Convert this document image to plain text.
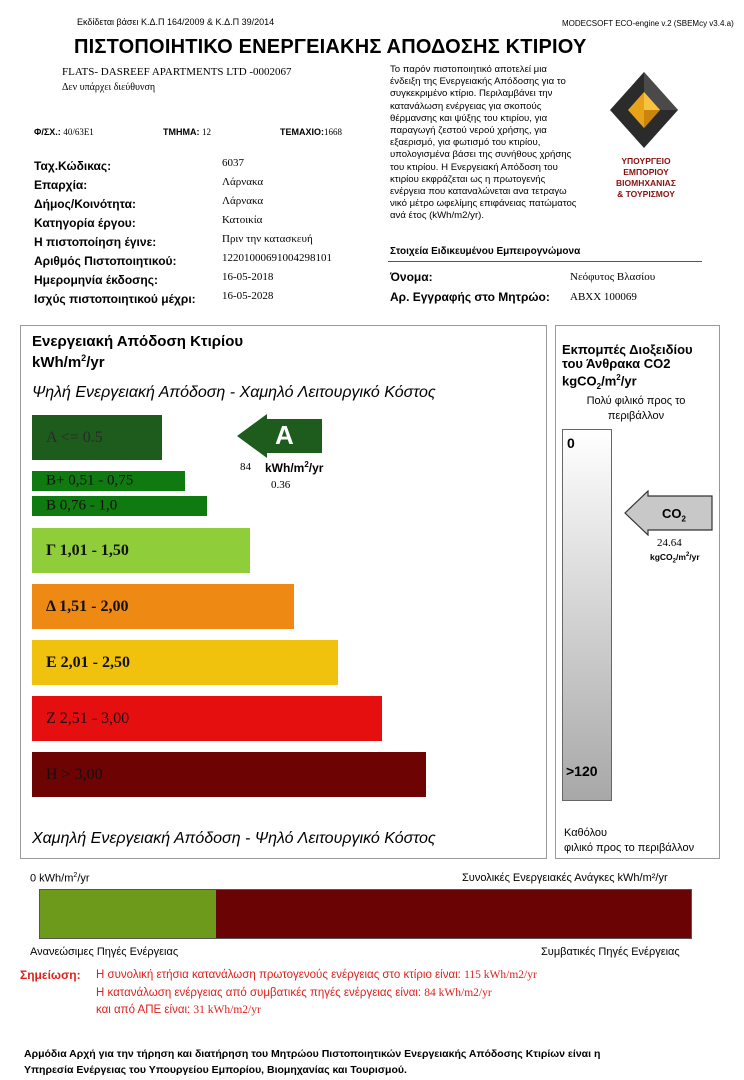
Εκδίδεται βάσει Κ.Δ.Π 164/2009 & Κ.Δ.Π 39/2014	MODECSOFT ECO-engine v.2 (SBEMcy v3.4.a)
ΠΙΣΤΟΠΟΙΗΤΙΚΟ ΕΝΕΡΓΕΙΑΚΗΣ ΑΠΟΔΟΣΗΣ ΚΤΙΡΙΟΥ
FLATS- DASREEF APARTMENTS LTD -0002067
Δεν υπάρχει διεύθυνση
Φ/ΣΧ.: 40/63Ε1	ΤΜΗΜΑ: 12	ΤΕΜΑΧΙΟ:1668
Ταχ.Κώδικας:	6037
Επαρχία:	Λάρνακα
Δήμος/Κοινότητα:	Λάρνακα
Κατηγορία έργου:	Κατοικία
Η πιστοποίηση έγινε:	Πριν την κατασκευή
Αριθμός Πιστοποιητικού:	1220100069100429810​1
Ημερομηνία έκδοσης:	16-05-2018
Ισχύς πιστοποιητικού μέχρι: 16-05-2028
Το παρόν πιστοποιητικό αποτελεί μια
ένδειξη της Ενεργειακής Απόδοσης για το
συγκεκριμένο κτίριο. Περιλαμβάνει την
κατανάλωση ενέργειας για σκοπούς
θέρμανσης και ψύξης του κτιρίου, για
παραγωγή ζεστού νερού χρήσης, για
εξαερισμό, για φωτισμό του κτιρίου,
υπολογισμένα βάσει της συνήθους χρήσης
του κτιρίου. Η Ενεργειακή Απόδοση του
κτιρίου εκφράζεται ως η πρωτογενής
ενέργεια που καταναλώνεται ανα τετραγω
νικό μέτρο ωφελίμης επιφάνειας πατώματος
ανά έτος (kWh/m2/yr).
ΥΠΟΥΡΓΕΙΟ
ΕΜΠΟΡΙΟΥ
ΒΙΟΜΗΧΑΝΙΑΣ
& ΤΟΥΡΙΣΜΟΥ
Στοιχεία Ειδικευμένου Εμπειρογνώμονα
Όνομα:	Νεόφυτος Βλασίου
Αρ. Εγγραφής στο Μητρώο: ABXX 100069
Ενεργειακή Απόδοση Κτιρίου
kWh/$m^2/yr$
Ψηλή Ενεργειακή Απόδοση - Χαμηλό Λειτουργικό Κόστος
A <= 0.5
B+ 0,51 - 0,75
B 0,76 - 1,0
Γ 1,01 - 1,50
Δ 1,51 - 2,00
E 2,01 - 2,50
Z 2,51 - 3,00
H > 3,00
A
84 kWh/$m^2/yr$
0.36
Χαμηλή Ενεργειακή Απόδοση - Ψηλό Λειτουργικό Κόστος
Εκπομπές Διοξειδίου
του Άνθρακα CO2
$kgCO_2/m^2/yr$
Πολύ φιλικό προς το
περιβάλλον
0
>120
$CO_2$
24.64
$kgCO_2/m^2/yr$
Καθόλου
φιλικό προς το περιβάλλον
0 kWh/$m^2/yr$	Συνολικές Ενεργειακές Ανάγκες kWh/m²/yr
Ανανεώσιμες Πηγές Ενέργειας	Συμβατικές Πηγές Ενέργειας
Σημείωση: Η συνολική ετήσια κατανάλωση πρωτογενούς ενέργειας στο κτίριο είναι: 115 kWh/m2/yr
Η κατανάλωση ενέργειας από συμβατικές πηγές ενέργειας είναι: 84 kWh/m2/yr
και από ΑΠΕ είναι: 31 kWh/m2/yr
Αρμόδια Αρχή για την τήρηση και διατήρηση του Μητρώου Πιστοποιητικών Ενεργειακής Απόδοσης Κτιρίων είναι η
Υπηρεσία Ενέργειας του Υπουργείου Εμπορίου, Βιομηχανίας και Τουρισμού.
